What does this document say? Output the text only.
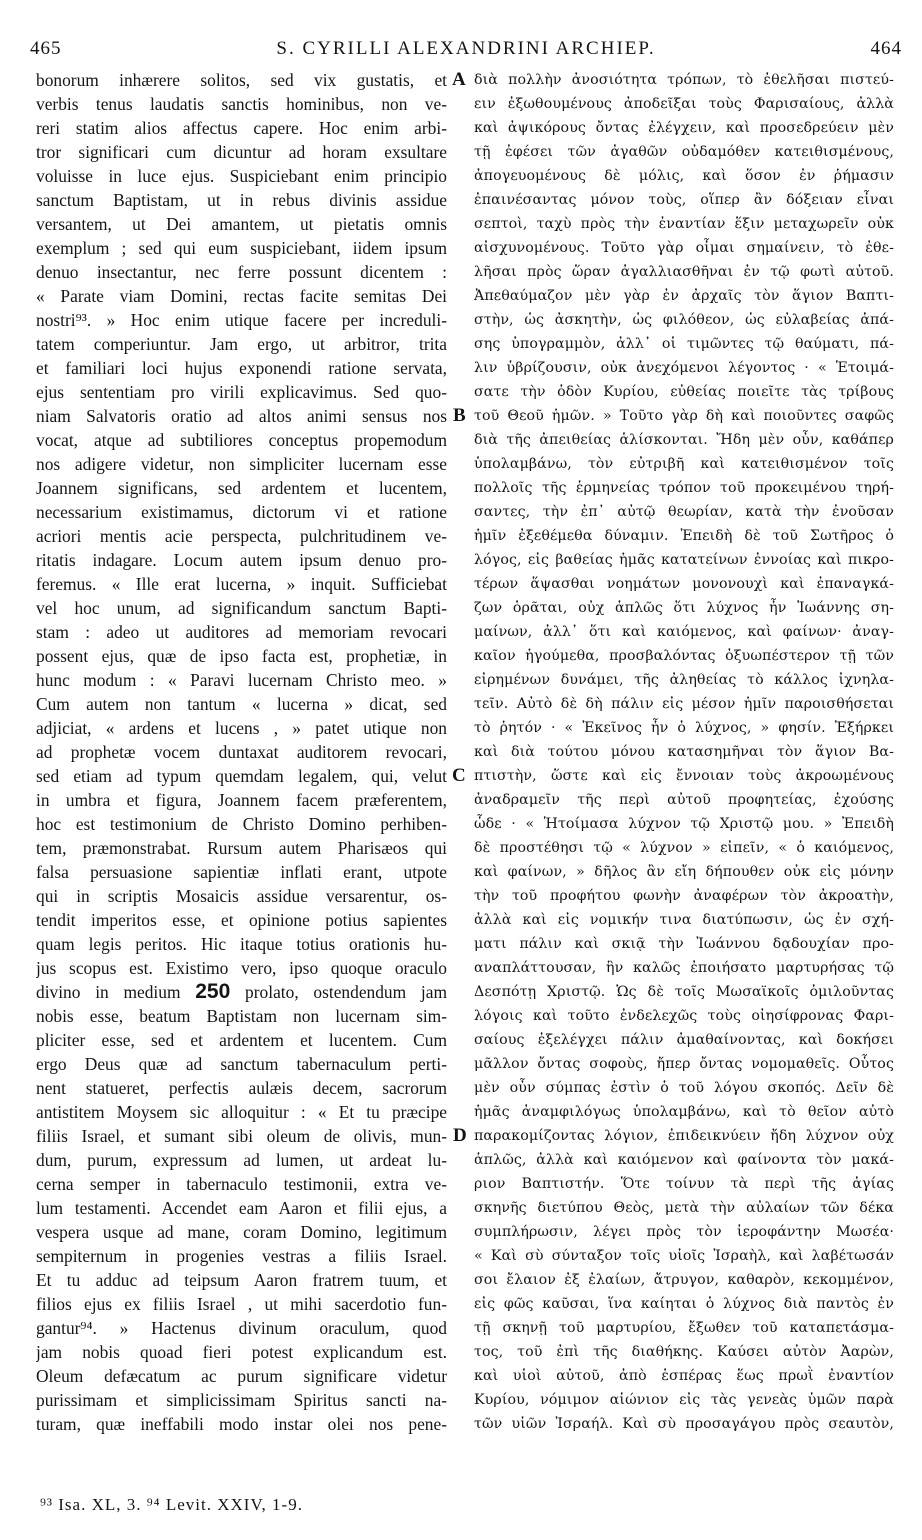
465	S. CYRILLI ALEXANDRINI ARCHIEP.	464
bonorum inhærere solitos, sed vix gustatis, et
verbis tenus laudatis sanctis hominibus, non ve-
reri statim alios affectus capere. Hoc enim arbi-
tror significari cum dicuntur ad horam exsultare
voluisse in luce ejus. Suspiciebant enim principio
sanctum Baptistam, ut in rebus divinis assidue
versantem, ut Dei amantem, ut pietatis omnis
exemplum ; sed qui eum suspiciebant, iidem ipsum
denuo insectantur, nec ferre possunt dicentem :
« Parate viam Domini, rectas facite semitas Dei
nostri⁹³. » Hoc enim utique facere per increduli-
tatem comperiuntur. Jam ergo, ut arbitror, trita
et familiari loci hujus exponendi ratione servata,
ejus sententiam pro virili explicavimus. Sed quo-
niam Salvatoris oratio ad altos animi sensus nos
vocat, atque ad subtiliores conceptus propemodum
nos adigere videtur, non simpliciter lucernam esse
Joannem significans, sed ardentem et lucentem,
necessarium existimamus, dictorum vi et ratione
acriori mentis acie perspecta, pulchritudinem ve-
ritatis indagare. Locum autem ipsum denuo pro-
feremus. « Ille erat lucerna, » inquit. Sufficiebat
vel hoc unum, ad significandum sanctum Bapti-
stam : adeo ut auditores ad memoriam revocari
possent ejus, quæ de ipso facta est, prophetiæ, in
hunc modum : « Paravi lucernam Christo meo. »
Cum autem non tantum « lucerna » dicat, sed
adjiciat, « ardens et lucens , » patet utique non
ad prophetæ vocem duntaxat auditorem revocari,
sed etiam ad typum quemdam legalem, qui, velut
in umbra et figura, Joannem facem præferentem,
hoc est testimonium de Christo Domino perhiben-
tem, præmonstrabat. Rursum autem Pharisæos qui
falsa persuasione sapientiæ inflati erant, utpote
qui in scriptis Mosaicis assidue versarentur, os-
tendit imperitos esse, et opinione potius sapientes
quam legis peritos. Hic itaque totius orationis hu-
jus scopus est. Existimo vero, ipso quoque oraculo
divino in medium 250 prolato, ostendendum jam
nobis esse, beatum Baptistam non lucernam sim-
pliciter esse, sed et ardentem et lucentem. Cum
ergo Deus quæ ad sanctum tabernaculum perti-
nent statueret, perfectis aulæis decem, sacrorum
antistitem Moysem sic alloquitur : « Et tu præcipe
filiis Israel, et sumant sibi oleum de olivis, mun-
dum, purum, expressum ad lumen, ut ardeat lu-
cerna semper in tabernaculo testimonii, extra ve-
lum testamenti. Accendet eam Aaron et filii ejus, a
vespera usque ad mane, coram Domino, legitimum
sempiternum in progenies vestras a filiis Israel.
Et tu adduc ad teipsum Aaron fratrem tuum, et
filios ejus ex filiis Israel , ut mihi sacerdotio fun-
gantur⁹⁴. » Hactenus divinum oraculum, quod
jam nobis quoad fieri potest explicandum est.
Oleum defæcatum ac purum significare videtur
purissimam et simplicissimam Spiritus sancti na-
turam, quæ ineffabili modo instar olei nos pene-
διὰ πολλὴν ἀνοσιότητα τρόπων, τὸ ἐθελῆσαι πιστεύ-
ειν ἐξωθουμένους ἀποδεῖξαι τοὺς Φαρισαίους, ἀλλὰ
καὶ ἀψικόρους ὄντας ἐλέγχειν, καὶ προσεδρεύειν μὲν
τῇ ἐφέσει τῶν ἀγαθῶν οὐδαμόθεν κατειθισμένους,
ἀπογευομένους δὲ μόλις, καὶ ὅσον ἐν ῥήμασιν
ἐπαινέσαντας μόνον τοὺς, οἵπερ ἂν δόξειαν εἶναι
σεπτοὶ, ταχὺ πρὸς τὴν ἐναντίαν ἕξιν μεταχωρεῖν οὐκ
αἰσχυνομένους. Τοῦτο γὰρ οἶμαι σημαίνειν, τὸ ἐθε-
λῆσαι πρὸς ὥραν ἀγαλλιασθῆναι ἐν τῷ φωτὶ αὐτοῦ.
Ἀπεθαύμαζον μὲν γὰρ ἐν ἀρχαῖς τὸν ἅγιον Βαπτι-
στὴν, ὡς ἀσκητὴν, ὡς φιλόθεον, ὡς εὐλαβείας ἁπά-
σης ὑπογραμμὸν, ἀλλ᾽ οἱ τιμῶντες τῷ θαύματι, πά-
λιν ὑβρίζουσιν, οὐκ ἀνεχόμενοι λέγοντος · « Ἑτοιμά-
σατε τὴν ὁδὸν Κυρίου, εὐθείας ποιεῖτε τὰς τρίβους
τοῦ Θεοῦ ἡμῶν. » Τοῦτο γὰρ δὴ καὶ ποιοῦντες σαφῶς
διὰ τῆς ἀπειθείας ἁλίσκονται. Ἤδη μὲν οὖν, καθάπερ
ὑπολαμβάνω, τὸν εὐτριβῆ καὶ κατειθισμένον τοῖς
πολλοῖς τῆς ἑρμηνείας τρόπον τοῦ προκειμένου τηρή-
σαντες, τὴν ἐπ᾽ αὐτῷ θεωρίαν, κατὰ τὴν ἐνοῦσαν
ἡμῖν ἐξεθέμεθα δύναμιν. Ἐπειδὴ δὲ τοῦ Σωτῆρος ὁ
λόγος, εἰς βαθείας ἡμᾶς κατατείνων ἐννοίας καὶ πικρο-
τέρων ἅψασθαι νοημάτων μονονουχὶ καὶ ἐπαναγκά-
ζων ὁρᾶται, οὐχ ἁπλῶς ὅτι λύχνος ἦν Ἰωάννης ση-
μαίνων, ἀλλ᾽ ὅτι καὶ καιόμενος, καὶ φαίνων· ἀναγ-
καῖον ἡγούμεθα, προσβαλόντας ὀξυωπέστερον τῇ τῶν
εἰρημένων δυνάμει, τῆς ἀληθείας τὸ κάλλος ἰχνηλα-
τεῖν. Αὐτὸ δὲ δὴ πάλιν εἰς μέσον ἡμῖν παροισθήσεται
τὸ ῥητόν · « Ἐκεῖνος ἦν ὁ λύχνος, » φησίν. Ἐξήρκει
καὶ διὰ τούτου μόνου κατασημῆναι τὸν ἅγιον Βα-
πτιστὴν, ὥστε καὶ εἰς ἔννοιαν τοὺς ἀκροωμένους
ἀναδραμεῖν τῆς περὶ αὐτοῦ προφητείας, ἐχούσης
ὧδε · « Ἡτοίμασα λύχνον τῷ Χριστῷ μου. » Ἐπειδὴ
δὲ προστέθησι τῷ « λύχνον » εἰπεῖν, « ὁ καιόμενος,
καὶ φαίνων, » δῆλος ἂν εἴη δήπουθεν οὐκ εἰς μόνην
τὴν τοῦ προφήτου φωνὴν ἀναφέρων τὸν ἀκροατὴν,
ἀλλὰ καὶ εἰς νομικήν τινα διατύπωσιν, ὡς ἐν σχή-
ματι πάλιν καὶ σκιᾷ τὴν Ἰωάννου δᾳδουχίαν προ-
αναπλάττουσαν, ἣν καλῶς ἐποιήσατο μαρτυρήσας τῷ
Δεσπότῃ Χριστῷ. Ὡς δὲ τοῖς Μωσαϊκοῖς ὁμιλοῦντας
λόγοις καὶ τοῦτο ἐνδελεχῶς τοὺς οἰησίφρονας Φαρι-
σαίους ἐξελέγχει πάλιν ἀμαθαίνοντας, καὶ δοκήσει
μᾶλλον ὄντας σοφοὺς, ἤπερ ὄντας νομομαθεῖς. Οὗτος
μὲν οὖν σύμπας ἐστὶν ὁ τοῦ λόγου σκοπός. Δεῖν δὲ
ἡμᾶς ἀναμφιλόγως ὑπολαμβάνω, καὶ τὸ θεῖον αὐτὸ
παρακομίζοντας λόγιον, ἐπιδεικνύειν ἤδη λύχνον οὐχ
ἁπλῶς, ἀλλὰ καὶ καιόμενον καὶ φαίνοντα τὸν μακά-
ριον Βαπτιστήν. Ὅτε τοίνυν τὰ περὶ τῆς ἁγίας
σκηνῆς διετύπου Θεὸς, μετὰ τὴν αὐλαίων τῶν δέκα
συμπλήρωσιν, λέγει πρὸς τὸν ἱεροφάντην Μωσέα·
« Καὶ σὺ σύνταξον τοῖς υἱοῖς Ἰσραὴλ, καὶ λαβέτωσάν
σοι ἔλαιον ἐξ ἐλαίων, ἄτρυγον, καθαρὸν, κεκομμένον,
εἰς φῶς καῦσαι, ἵνα καίηται ὁ λύχνος διὰ παντὸς ἐν
τῇ σκηνῇ τοῦ μαρτυρίου, ἔξωθεν τοῦ καταπετάσμα-
τος, τοῦ ἐπὶ τῆς διαθήκης. Καύσει αὐτὸν Ἀαρὼν,
καὶ υἱοὶ αὐτοῦ, ἀπὸ ἑσπέρας ἕως πρωῒ ἐναντίον
Κυρίου, νόμιμον αἰώνιον εἰς τὰς γενεὰς ὑμῶν παρὰ
τῶν υἱῶν Ἰσραήλ. Καὶ σὺ προσαγάγου πρὸς σεαυτὸν,
A
B
C
D
⁹³ Isa. XL, 3. ⁹⁴ Levit. XXIV, 1-9.
